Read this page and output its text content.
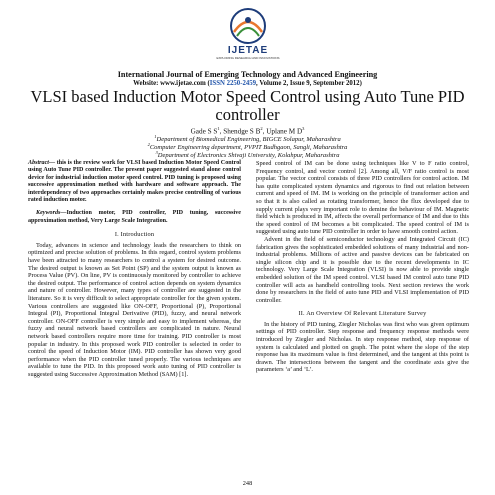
IJETAE
EXPLORING RESEARCH AND INNOVATIONS
International Journal of Emerging Technology and Advanced Engineering
Website: www.ijetae.com (ISSN 2250-2459, Volume 2, Issue 9, September 2012)
VLSI based Induction Motor Speed Control using Auto Tune PID controller
Gade S $S^1$, Shendge S $B^2$, Uplane M $D^3$
$^1$Department of Biomedical Engineering, BIGCE Solapur, Maharashtra
$^2$Computer Engineering department, PVPIT Budhgaon, Sangli, Maharashtra
$^3$Department of Electronics Shivaji University, Kolahpur, Maharashtra

Abstract— this is the review work for VLSI based Induction Motor Speed Control using Auto Tune PID controller. The present paper suggested stand alone control device for industrial induction motor speed control. PID tuning is proposed using successive approximation method with hardware and software approach. The interdependency of two approaches certainly makes precise controlling of various rated induction motor.

Keywords—Induction motor, PID controller, PID tuning, successive approximation method, Very Large Scale Integration.

I. Introduction

Today, advances in science and technology leads the researchers to think on optimized and precise solution of problems. In this regard, control system problems have been attracted to many researchers to control a system for desired outcome. The desired output is known as Set Point (SP) and the system output is known as Process Value (PV). On line, PV is continuously monitored by controller to achieve the desired output. The performance of control action depends on system dynamics and nature of controller. However, many types of controller are suggested in the literature. So it is very difficult to select appropriate controller for the given system. Various controllers are suggested like ON-OFF, Proportional (P), Proportional Integral (PI), Proportional Integral Derivative (PID), fuzzy, and neural network controller. ON-OFF controller is very simple and easy to implement whereas, the fuzzy and neural network based controllers are complicated in nature. Neural network based controllers require more time for training. PID controller is most popular in industry. In this proposed work PID controller is selected in order to control the speed of Induction Motor (IM). PID controller has shown very good performance when the PID controller tuned properly. The various techniques are available to tune the PID. In this proposed work auto tuning of PID controller is suggested using Successive Approximation Method (SAM) [1].

Speed control of IM can be done using techniques like V to F ratio control, Frequency control, and vector control [2]. Among all, V/F ratio control is most popular. The vector control consists of three PID controllers for control action. IM has quite complicated system dynamics and rigorous to find out relation between current and speed of IM. IM is working on the principle of transformer action and so that it is also called as rotating transformer, hence the flux developed due to supply current plays very important role to demine the behaviour of IM. Magnetic field which is produced in IM, affects the overall performance of IM and due to this the speed control of IM becomes a bit complicated. The speed control of IM is suggested using auto tune PID controller in order to have smooth control action.

Advent in the field of semiconductor technology and Integrated Circuit (IC) fabrication gives the sophisticated embedded solutions of many industrial and non-industrial problems. Millions of active and passive devices can be fabricated on single silicon chip and it is possible due to the recent developments in IC technology. Very Large Scale Integration (VLSI) is now able to provide single embedded solution of the IM speed control. VLSI based IM control auto tune PID controller will acts as handheld controlling tools. Next section reviews the work done by researchers in the field of auto tune PID and VLSI implementation of PID controller.

II. An Overview Of Relevant Literature Survey

In the history of PID tuning, Ziegler Nicholas was first who was given optimum settings of PID controller. Step response and frequency response methods were introduced by Ziegler and Nicholas. In step response method, step response of system is calculated and plotted on graph. The point where the slope of the step response has its maximum value is first determined, and the tangent at this point is drawn. The intersections between the tangent and the coordinate axis give the parameters ‘a’ and ‘L’.

248
